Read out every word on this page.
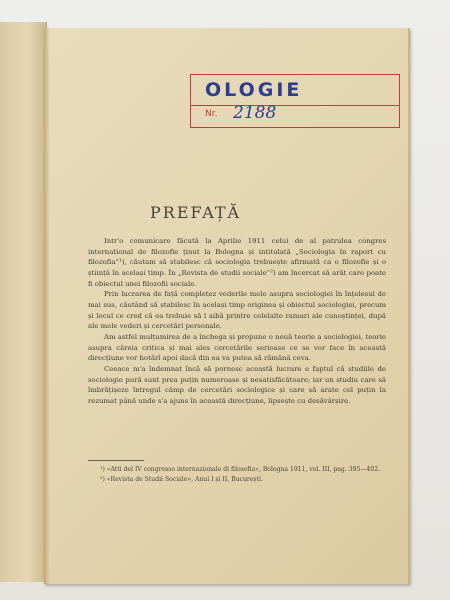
OLOGIE
Nr. 2188
PREFAȚĂ

Intr'o comunicare făcută la Aprilie 1911 celui de al patrulea congres international de filozofie ținut la Bologna și intitulată „Sociologia în raport cu filozofia“¹), căutam să stabilesc că sociologia trebuește afirmată ca o filozofie și o știință în același timp. În „Revista de studii sociale“²) am încercat să arăt care poate fi obiectul unei filozofii sociale.

Prin lucrarea de față completez vederile mele asupra sociologiei în înțelesul de mai sus, căutând să stabilesc în același timp originea și obiectul sociologiei, precum și locul ce cred că ea trebuie să l aibă printre celelalte ramuri ale cunoștinței, după ale mele vederi și cercetări personale.

Am astfel mulțumirea de a închega și propune o nouă teorie a sociologiei, teorie asupra căreia critica și mai ales cercetările serioase ce se vor face în această direcțiune vor hotărî apoi dacă din ea va putea să rămână ceva.

Ceeace m'a îndemnat încă să pornesc această lucrare e faptul că studiile de sociologie pură sunt prea puțin numeroase și nesatisfăcătoare; iar un studiu care să îmbrățișeze întregul câmp de cercetări sociologice și care să arate cel puțin la rezumat până unde s'a ajuns în această direcțiune, lipsește cu desăvârșire.

¹) «Atti del IV congresso internazionale di filosofia», Bologna 1911, vol. III, pag. 395—402.
²) «Revista de Studii Sociale», Anul I și II, București.
